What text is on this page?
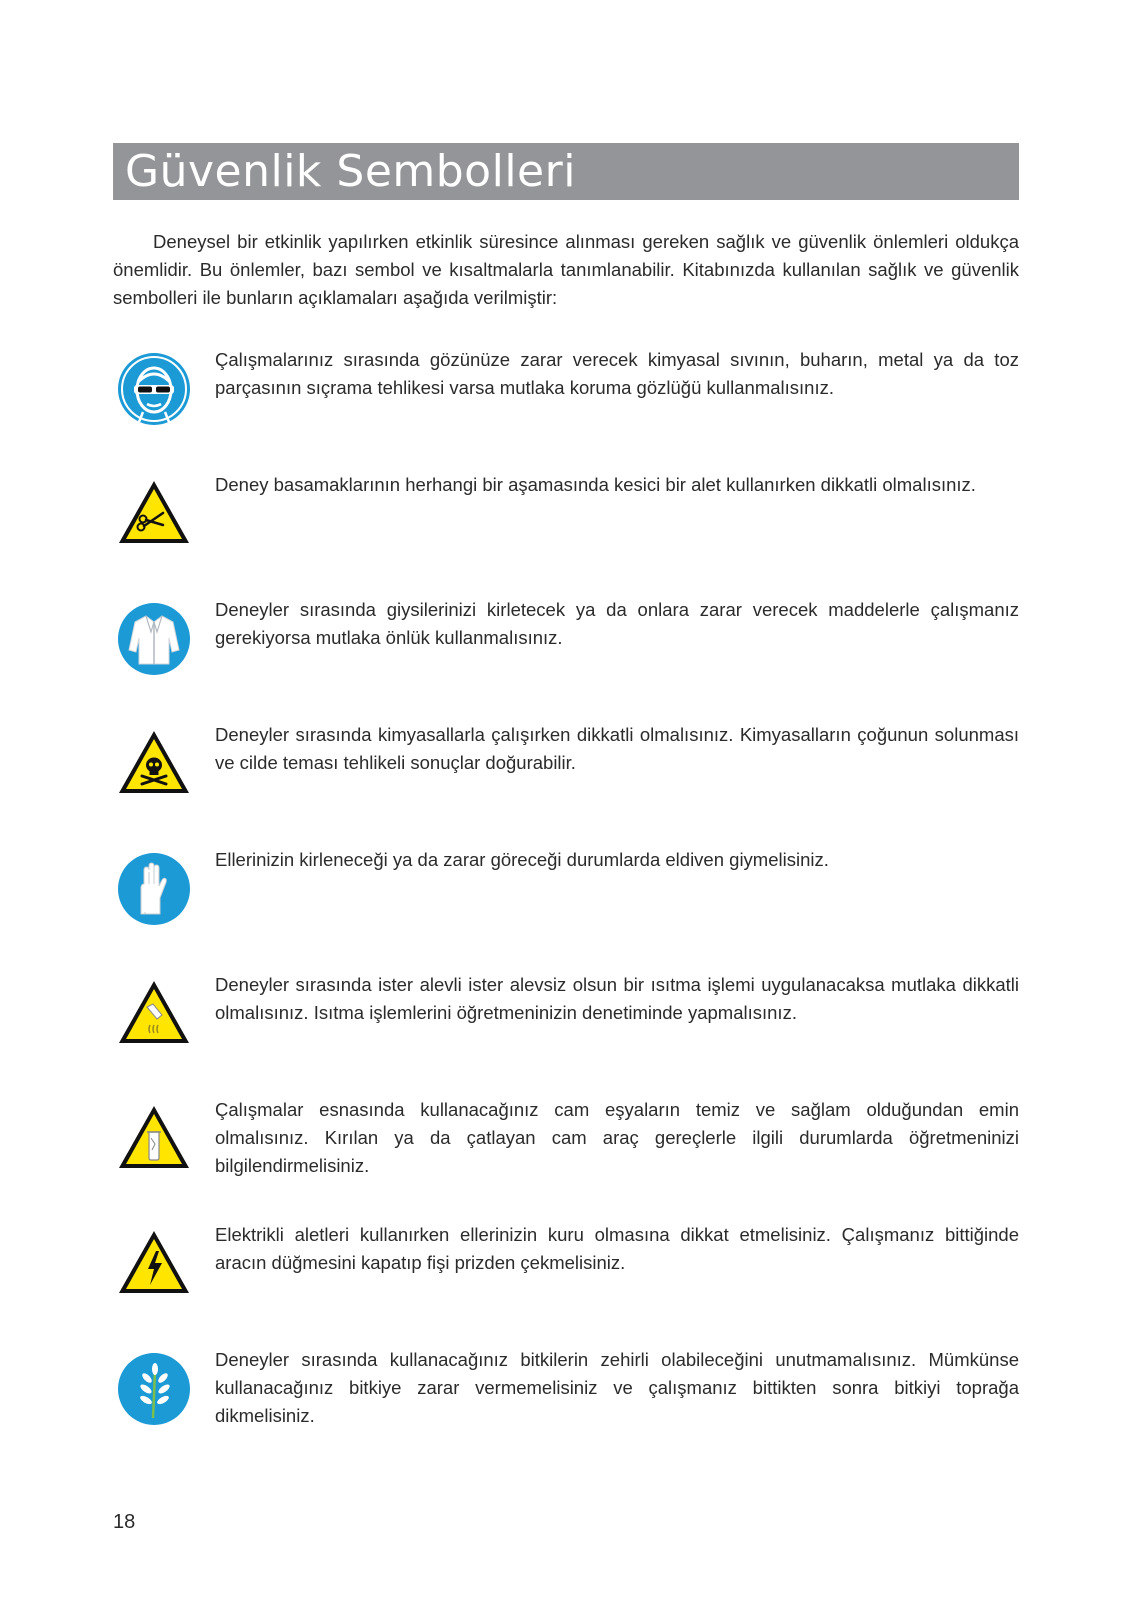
Güvenlik Sembolleri

Deneysel bir etkinlik yapılırken etkinlik süresince alınması gereken sağlık ve güvenlik önlemleri oldukça önemlidir. Bu önlemler, bazı sembol ve kısaltmalarla tanımlanabilir. Kitabınızda kullanılan sağlık ve güvenlik sembolleri ile bunların açıklamaları aşağıda verilmiştir:

Çalışmalarınız sırasında gözünüze zarar verecek kimyasal sıvının, buharın, metal ya da toz parçasının sıçrama tehlikesi varsa mutlaka koruma gözlüğü kullanmalısınız.

Deney basamaklarının herhangi bir aşamasında kesici bir alet kullanırken dikkatli olmalısınız.

Deneyler sırasında giysilerinizi kirletecek ya da onlara zarar verecek maddelerle çalışmanız gerekiyorsa mutlaka önlük kullanmalısınız.

Deneyler sırasında kimyasallarla çalışırken dikkatli olmalısınız. Kimyasalların çoğunun solunması ve cilde teması tehlikeli sonuçlar doğurabilir.

Ellerinizin kirleneceği ya da zarar göreceği durumlarda eldiven giymelisiniz.

Deneyler sırasında ister alevli ister alevsiz olsun bir ısıtma işlemi uygulanacaksa mutlaka dikkatli olmalısınız. Isıtma işlemlerini öğretmeninizin denetiminde yapmalısınız.

Çalışmalar esnasında kullanacağınız cam eşyaların temiz ve sağlam olduğundan emin olmalısınız. Kırılan ya da çatlayan cam araç gereçlerle ilgili durumlarda öğretmeninizi bilgilendirmelisiniz.

Elektrikli aletleri kullanırken ellerinizin kuru olmasına dikkat etmelisiniz. Çalışmanız bittiğinde aracın düğmesini kapatıp fişi prizden çekmelisiniz.

Deneyler sırasında kullanacağınız bitkilerin zehirli olabileceğini unutmamalısınız. Mümkünse kullanacağınız bitkiye zarar vermemelisiniz ve çalışmanız bittikten sonra bitkiyi toprağa dikmelisiniz.

18
